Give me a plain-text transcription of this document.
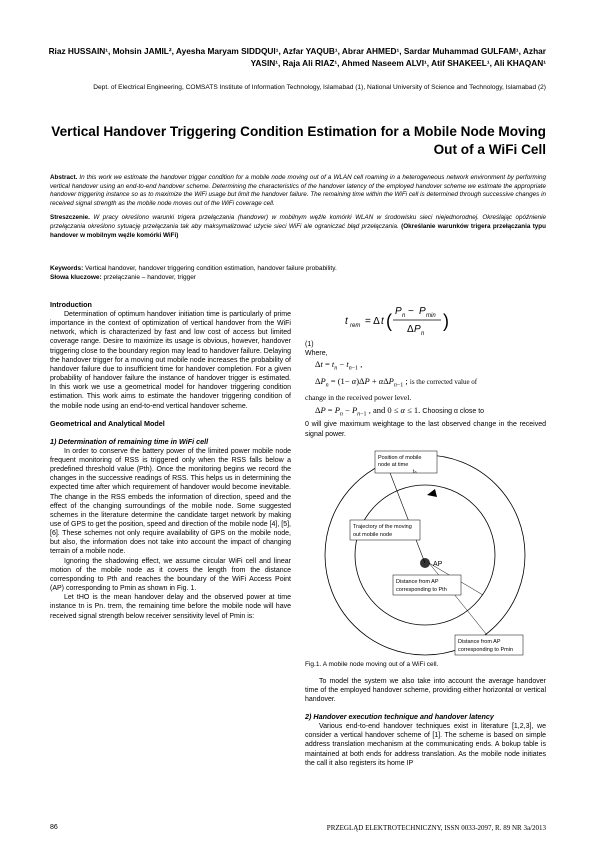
Riaz HUSSAIN¹, Mohsin JAMIL², Ayesha Maryam SIDDQUI¹, Azfar YAQUB¹, Abrar AHMED¹, Sardar Muhammad GULFAM¹, Azhar YASIN¹, Raja Ali RIAZ¹, Ahmed Naseem ALVI¹, Atif SHAKEEL¹, Ali KHAQAN¹
Dept. of Electrical Engineering, COMSATS Institute of Information Technology, Islamabad (1), National University of Science and Technology, Islamabad (2)
Vertical Handover Triggering Condition Estimation for a Mobile Node Moving Out of a WiFi Cell
Abstract. In this work we estimate the handover trigger condition for a mobile node moving out of a WLAN cell roaming in a heterogeneous network environment by performing vertical handover using an end-to-end handover scheme. Determining the characteristics of the handover latency of the employed handover scheme we estimate the appropriate handover triggering instance so as to maximize the WiFi usage but limit the handover failure. The remaining time within the WiFi cell is determined through successive changes in received signal strength as the mobile node moves out of the WiFi coverage cell.
Streszczenie. W pracy określono warunki trigera przełączania (handover) w mobilnym węźle komórki WLAN w środowisku sieci niejednorodnej. Określając opóźnienie przełączania określono sytuację przełączania tak aby maksymalizować użycie sieci WiFi ale ograniczać błąd przełączania. (Określanie warunków trigera przełączania typu handover w mobilnym węźle komórki WiFi)
Keywords: Vertical handover, handover triggering condition estimation, handover failure probability.
Słowa kluczowe: przełączanie – handover, trigger
Introduction

Determination of optimum handover initiation time is particularly of prime importance in the context of optimization of vertical handover from the WiFi network, which is characterized by fast and low cost of access but limited coverage range. Desire to maximize its usage is obvious, however, handover triggering close to the boundary region may lead to handover failure. Delaying the handover trigger for a moving out mobile node increases the probability of handover failure due to insufficient time for handover completion. For a given probability of handover failure the instance of handover trigger is estimated. In this work we use a geometrical model for handover triggering condition estimation. This work aims to estimate the handover triggering condition of the mobile node using an end-to-end vertical handover scheme.

Geometrical and Analytical Model
1) Determination of remaining time in WiFi cell

In order to conserve the battery power of the limited power mobile node frequent monitoring of RSS is triggered only when the RSS falls below a predefined threshold value (Pth). Once the monitoring begins we record the changes in the successive readings of RSS. This helps us in determining the expected time after which requirement of handover would become inevitable. The change in the RSS embeds the information of direction, speed and the effect of the changing surroundings of the mobile node. Some suggested schemes in the literature determine the candidate target network by making use of GPS to get the position, speed and direction of the mobile node [4], [5], [6]. These schemes not only require availability of GPS on the mobile node, but also, the information does not take into account the impact of changing terrain of a mobile node.

Ignoring the shadowing effect, we assume circular WiFi cell and linear motion of the mobile node as it covers the length from the distance corresponding to Pth and reaches the boundary of the WiFi Access Point (AP) corresponding to Pmin as shown in Fig. 1.

Let tHO is the mean handover delay and the observed power at time instance tn is Pn. trem, the remaining time before the mobile node will have received signal strength below receiver sensitivity level of Pmin is:

t rem = Δ t ( P n − P min
Δ P n
)
(1)
Where,
$\Delta t = t_n - t_{n-1}$ ,
$\Delta P_n = (1- \alpha)\Delta P + \alpha\Delta P_{n-1}$ ; is the corrected value of
change in the received power level.
$\Delta P = P_n - P_{n-1}$ , and 0 ≤ α ≤ 1. Choosing α close to
0 will give maximum weightage to the last observed change in the received signal power.
AP
Position of mobile
node at time
tₙ
Trajectory of the moving
out mobile node
Distance from AP
corresponding to Pth
Distance from AP
corresponding to Pmin
Fig.1. A mobile node moving out of a WiFi cell.

To model the system we also take into account the average handover time of the employed handover scheme, providing either horizontal or vertical handover.

2) Handover execution technique and handover latency

Various end-to-end handover techniques exist in literature [1,2,3], we consider a vertical handover scheme of [1]. The scheme is based on simple address translation mechanism at the communicating ends. A bokup table is maintained at both ends for address translation. As the mobile node initiates the call it also registers its home IP

86	PRZEGLĄD ELEKTROTECHNICZNY, ISSN 0033-2097, R. 89 NR 3a/2013
